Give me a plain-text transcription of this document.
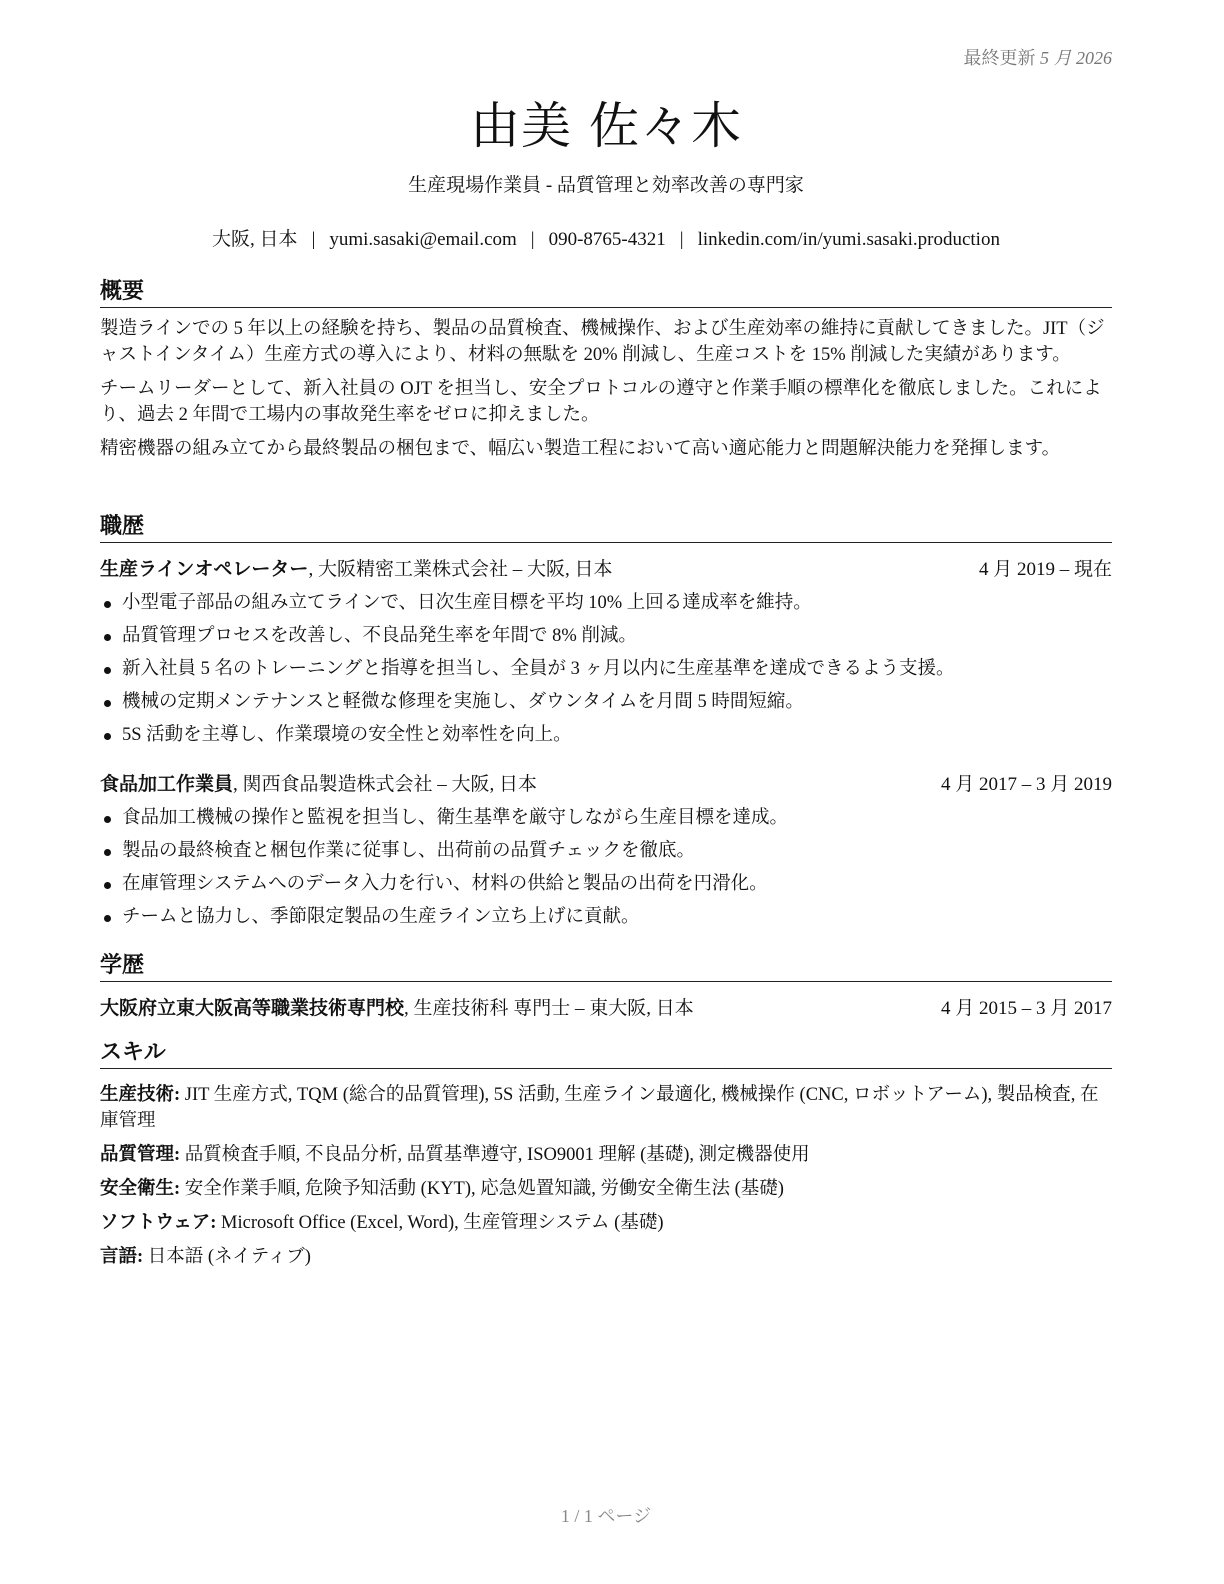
最終更新 5 月 2026
由美 佐々木

生産現場作業員 - 品質管理と効率改善の専門家

大阪, 日本 | yumi.sasaki@email.com | 090-8765-4321 | linkedin.com/in/yumi.sasaki.production

概要

製造ラインでの 5 年以上の経験を持ち、製品の品質検査、機械操作、および生産効率の維持に貢献してきました。JIT（ジャストインタイム）生産方式の導入により、材料の無駄を 20% 削減し、生産コストを 15% 削減した実績があります。

チームリーダーとして、新入社員の OJT を担当し、安全プロトコルの遵守と作業手順の標準化を徹底しました。これにより、過去 2 年間で工場内の事故発生率をゼロに抑えました。

精密機器の組み立てから最終製品の梱包まで、幅広い製造工程において高い適応能力と問題解決能力を発揮します。

職歴
生産ラインオペレーター, 大阪精密工業株式会社 – 大阪, 日本	4 月 2019 – 現在
小型電子部品の組み立てラインで、日次生産目標を平均 10% 上回る達成率を維持。
品質管理プロセスを改善し、不良品発生率を年間で 8% 削減。
新入社員 5 名のトレーニングと指導を担当し、全員が 3 ヶ月以内に生産基準を達成できるよう支援。
機械の定期メンテナンスと軽微な修理を実施し、ダウンタイムを月間 5 時間短縮。
5S 活動を主導し、作業環境の安全性と効率性を向上。
食品加工作業員, 関西食品製造株式会社 – 大阪, 日本	4 月 2017 – 3 月 2019
食品加工機械の操作と監視を担当し、衛生基準を厳守しながら生産目標を達成。
製品の最終検査と梱包作業に従事し、出荷前の品質チェックを徹底。
在庫管理システムへのデータ入力を行い、材料の供給と製品の出荷を円滑化。
チームと協力し、季節限定製品の生産ライン立ち上げに貢献。
学歴
大阪府立東大阪高等職業技術専門校, 生産技術科 専門士 – 東大阪, 日本	4 月 2015 – 3 月 2017
スキル

生産技術: JIT 生産方式, TQM (総合的品質管理), 5S 活動, 生産ライン最適化, 機械操作 (CNC, ロボットアーム), 製品検査, 在庫管理

品質管理: 品質検査手順, 不良品分析, 品質基準遵守, ISO9001 理解 (基礎), 測定機器使用

安全衛生: 安全作業手順, 危険予知活動 (KYT), 応急処置知識, 労働安全衛生法 (基礎)

ソフトウェア: Microsoft Office (Excel, Word), 生産管理システム (基礎)

言語: 日本語 (ネイティブ)

1 / 1 ページ
